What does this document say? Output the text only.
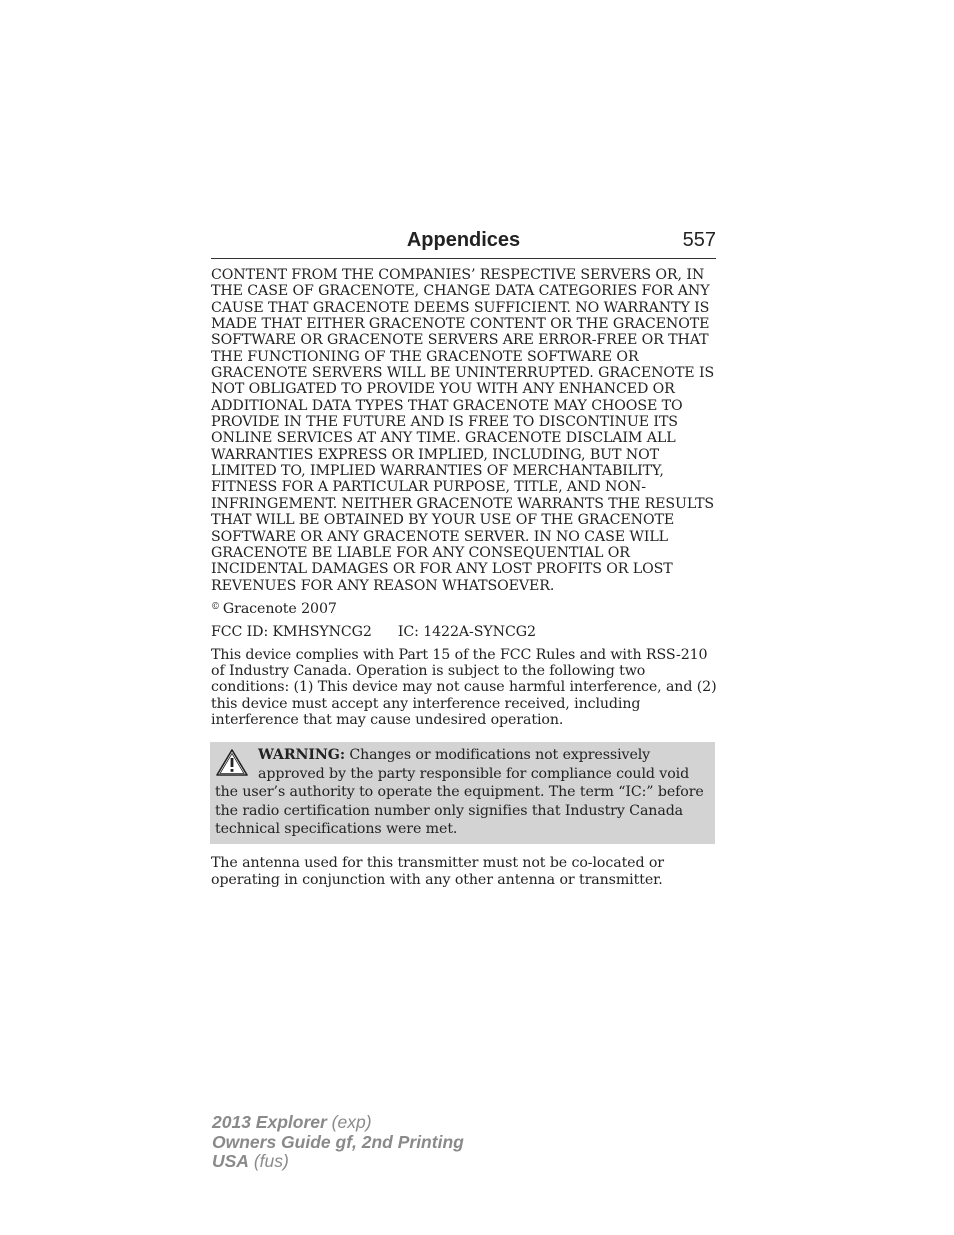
Appendices	557

CONTENT FROM THE COMPANIES’ RESPECTIVE SERVERS OR, IN THE CASE OF GRACENOTE, CHANGE DATA CATEGORIES FOR ANY CAUSE THAT GRACENOTE DEEMS SUFFICIENT. NO WARRANTY IS MADE THAT EITHER GRACENOTE CONTENT OR THE GRACENOTE SOFTWARE OR GRACENOTE SERVERS ARE ERROR-FREE OR THAT THE FUNCTIONING OF THE GRACENOTE SOFTWARE OR GRACENOTE SERVERS WILL BE UNINTERRUPTED. GRACENOTE IS NOT OBLIGATED TO PROVIDE YOU WITH ANY ENHANCED OR ADDITIONAL DATA TYPES THAT GRACENOTE MAY CHOOSE TO PROVIDE IN THE FUTURE AND IS FREE TO DISCONTINUE ITS ONLINE SERVICES AT ANY TIME. GRACENOTE DISCLAIM ALL WARRANTIES EXPRESS OR IMPLIED, INCLUDING, BUT NOT LIMITED TO, IMPLIED WARRANTIES OF MERCHANTABILITY, FITNESS FOR A PARTICULAR PURPOSE, TITLE, AND NON-INFRINGEMENT. NEITHER GRACENOTE WARRANTS THE RESULTS THAT WILL BE OBTAINED BY YOUR USE OF THE GRACENOTE SOFTWARE OR ANY GRACENOTE SERVER. IN NO CASE WILL GRACENOTE BE LIABLE FOR ANY CONSEQUENTIAL OR INCIDENTAL DAMAGES OR FOR ANY LOST PROFITS OR LOST REVENUES FOR ANY REASON WHATSOEVER.

© Gracenote 2007

FCC ID: KMHSYNCG2 IC: 1422A-SYNCG2

This device complies with Part 15 of the FCC Rules and with RSS-210 of Industry Canada. Operation is subject to the following two conditions: (1) This device may not cause harmful interference, and (2) this device must accept any interference received, including interference that may cause undesired operation.

WARNING: Changes or modifications not expressively approved by the party responsible for compliance could void the user’s authority to operate the equipment. The term “IC:” before the radio certification number only signifies that Industry Canada technical specifications were met.

The antenna used for this transmitter must not be co-located or operating in conjunction with any other antenna or transmitter.

2013 Explorer (exp)
Owners Guide gf, 2nd Printing
USA (fus)
